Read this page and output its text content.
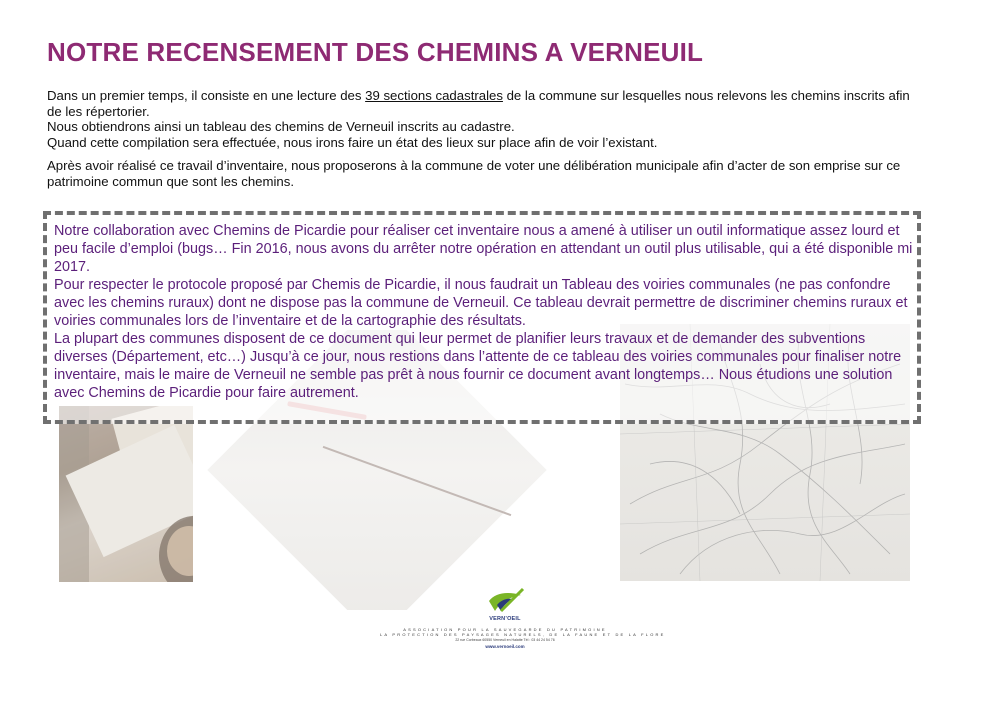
NOTRE RECENSEMENT DES CHEMINS A VERNEUIL

Dans un premier temps, il consiste en une lecture des 39 sections cadastrales de la commune sur lesquelles nous relevons les chemins inscrits afin de les répertorier.

Nous obtiendrons ainsi un tableau des chemins de Verneuil inscrits au cadastre.

Quand cette compilation sera effectuée, nous irons faire un état des lieux sur place afin de voir l’existant.

Après avoir réalisé ce travail d’inventaire, nous proposerons à la commune de voter une délibération municipale afin d’acter de son emprise sur ce patrimoine commun que sont les chemins.

Notre collaboration avec Chemins de Picardie pour réaliser cet inventaire nous a amené à utiliser un outil informatique assez lourd et peu facile d’emploi (bugs… Fin 2016, nous avons du arrêter notre opération en attendant un outil plus utilisable, qui a été disponible mi 2017.

Pour respecter le protocole proposé par Chemis de Picardie, il nous faudrait un Tableau des voiries communales (ne pas confondre avec les chemins ruraux) dont ne dispose pas la commune de Verneuil. Ce tableau devrait permettre de discriminer chemins ruraux et voiries communales lors de l’inventaire et de la cartographie des résultats.

La plupart des communes disposent de ce document qui leur permet de planifier leurs travaux et de demander des subventions diverses (Département, etc…) Jusqu’à ce jour, nous restions dans l’attente de ce tableau des voiries communales pour finaliser notre inventaire, mais le maire de Verneuil ne semble pas prêt à nous fournir ce document avant longtemps… Nous étudions une solution avec Chemins de Picardie pour faire autrement.

VERN’OEIL
ASSOCIATION POUR LA SAUVEGARDE DU PATRIMOINE
LA PROTECTION DES PAYSAGES NATURELS, DE LA FAUNE ET DE LA FLORE
22 rue Corbeaux 60550 Verneuil en Halatte Tél : 03 44 24 54 76
www.vernoeil.com
